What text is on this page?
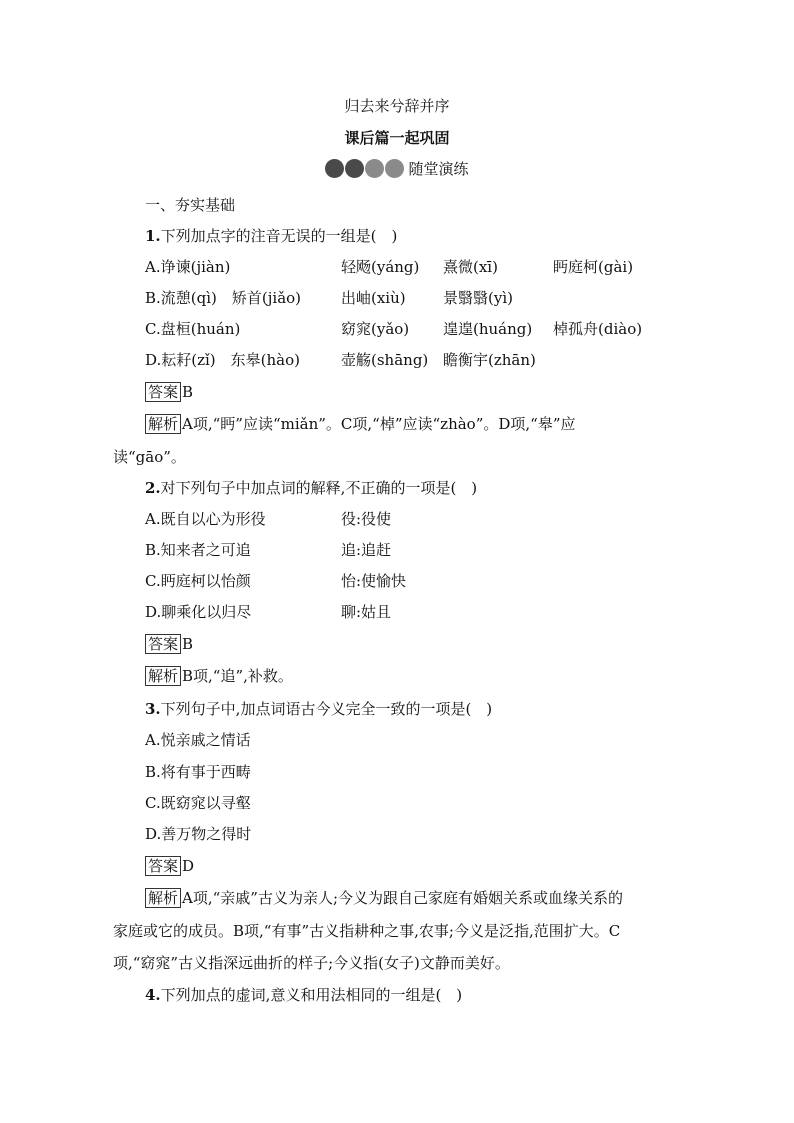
归去来兮辞并序
课后篇一起巩固
随堂演练
一、夯实基础
1.下列加点字的注音无误的一组是(　)
A.诤谏(jiàn)	轻飏(yáng) 熹微(xī)	眄庭柯(gài)
B.流憩(qì)　矫首(jiǎo)	出岫(xiù) 景翳翳(yì)
C.盘桓(huán)	窈窕(yǎo) 遑遑(huáng) 棹孤舟(diào)
D.耘耔(zǐ)　东皋(hào)	壶觞(shāng) 瞻衡宇(zhān)
答案 B
解析 A项,“眄”应读“miǎn”。C项,“棹”应读“zhào”。D项,“皋”应
读“gāo”。
2.对下列句子中加点词的解释,不正确的一项是(　)
A.既自以心为形役	役:役使
B.知来者之可追	追:追赶
C.眄庭柯以怡颜	怡:使愉快
D.聊乘化以归尽	聊:姑且
答案 B
解析 B项,“追”,补救。
3.下列句子中,加点词语古今义完全一致的一项是(　)
A.悦亲戚之情话
B.将有事于西畴
C.既窈窕以寻壑
D.善万物之得时
答案 D
解析 A项,“亲戚”古义为亲人;今义为跟自己家庭有婚姻关系或血缘关系的
家庭或它的成员。B项,“有事”古义指耕种之事,农事;今义是泛指,范围扩大。C
项,“窈窕”古义指深远曲折的样子;今义指(女子)文静而美好。
4.下列加点的虚词,意义和用法相同的一组是(　)
